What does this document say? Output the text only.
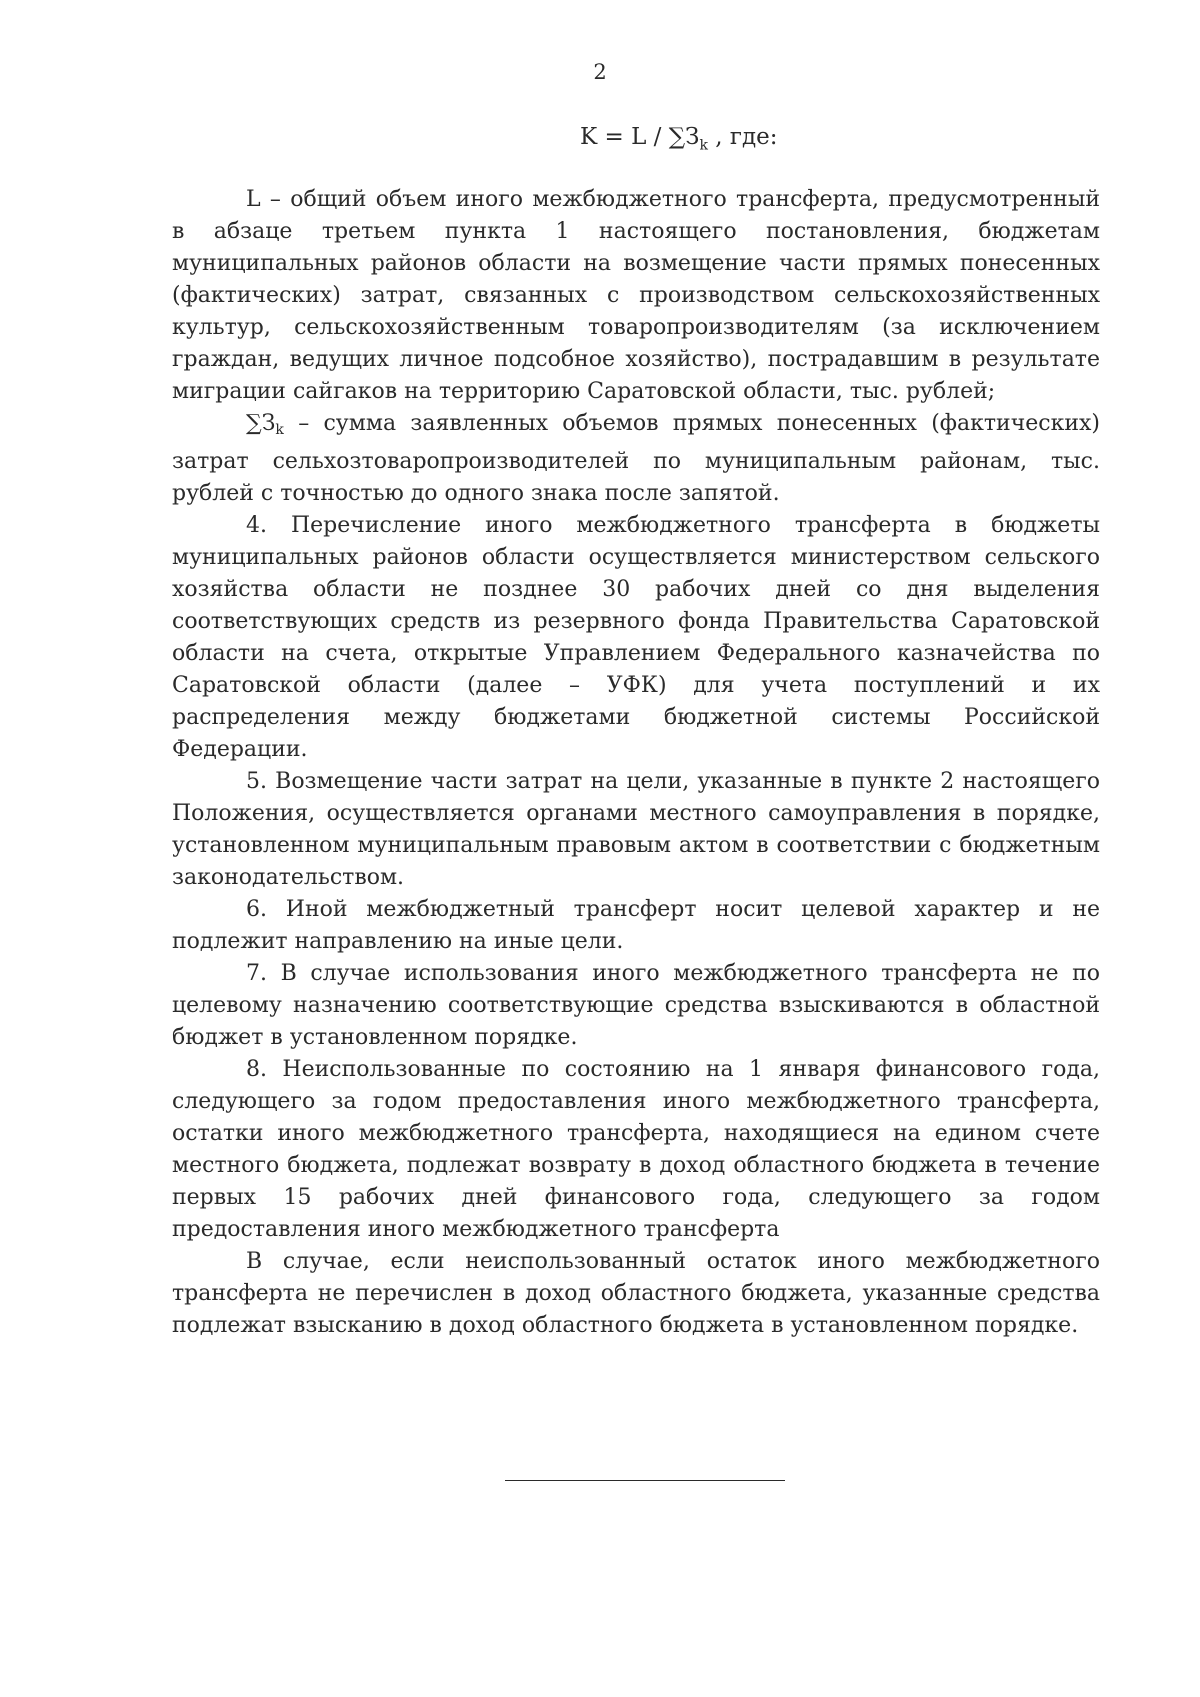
2
$K = L / \sum З_k$ , где:

L – общий объем иного межбюджетного трансферта, предусмотренный в абзаце третьем пункта 1 настоящего постановления, бюджетам муниципальных районов области на возмещение части прямых понесенных (фактических) затрат, связанных с производством сельскохозяйственных культур, сельскохозяйственным товаропроизводителям (за исключением граждан, ведущих личное подсобное хозяйство), пострадавшим в результате миграции сайгаков на территорию Саратовской области, тыс. рублей;

$\sum З_k$ – сумма заявленных объемов прямых понесенных (фактических) затрат сельхозтоваропроизводителей по муниципальным районам, тыс. рублей с точностью до одного знака после запятой.

4. Перечисление иного межбюджетного трансферта в бюджеты муниципальных районов области осуществляется министерством сельского хозяйства области не позднее 30 рабочих дней со дня выделения соответствующих средств из резервного фонда Правительства Саратовской области на счета, открытые Управлением Федерального казначейства по Саратовской области (далее – УФК) для учета поступлений и их распределения между бюджетами бюджетной системы Российской Федерации.

5. Возмещение части затрат на цели, указанные в пункте 2 настоящего Положения, осуществляется органами местного самоуправления в порядке, установленном муниципальным правовым актом в соответствии с бюджетным законодательством.

6. Иной межбюджетный трансферт носит целевой характер и не подлежит направлению на иные цели.

7. В случае использования иного межбюджетного трансферта не по целевому назначению соответствующие средства взыскиваются в областной бюджет в установленном порядке.

8. Неиспользованные по состоянию на 1 января финансового года, следующего за годом предоставления иного межбюджетного трансферта, остатки иного межбюджетного трансферта, находящиеся на едином счете местного бюджета, подлежат возврату в доход областного бюджета в течение первых 15 рабочих дней финансового года, следующего за годом предоставления иного межбюджетного трансферта

В случае, если неиспользованный остаток иного межбюджетного трансферта не перечислен в доход областного бюджета, указанные средства подлежат взысканию в доход областного бюджета в установленном порядке.
